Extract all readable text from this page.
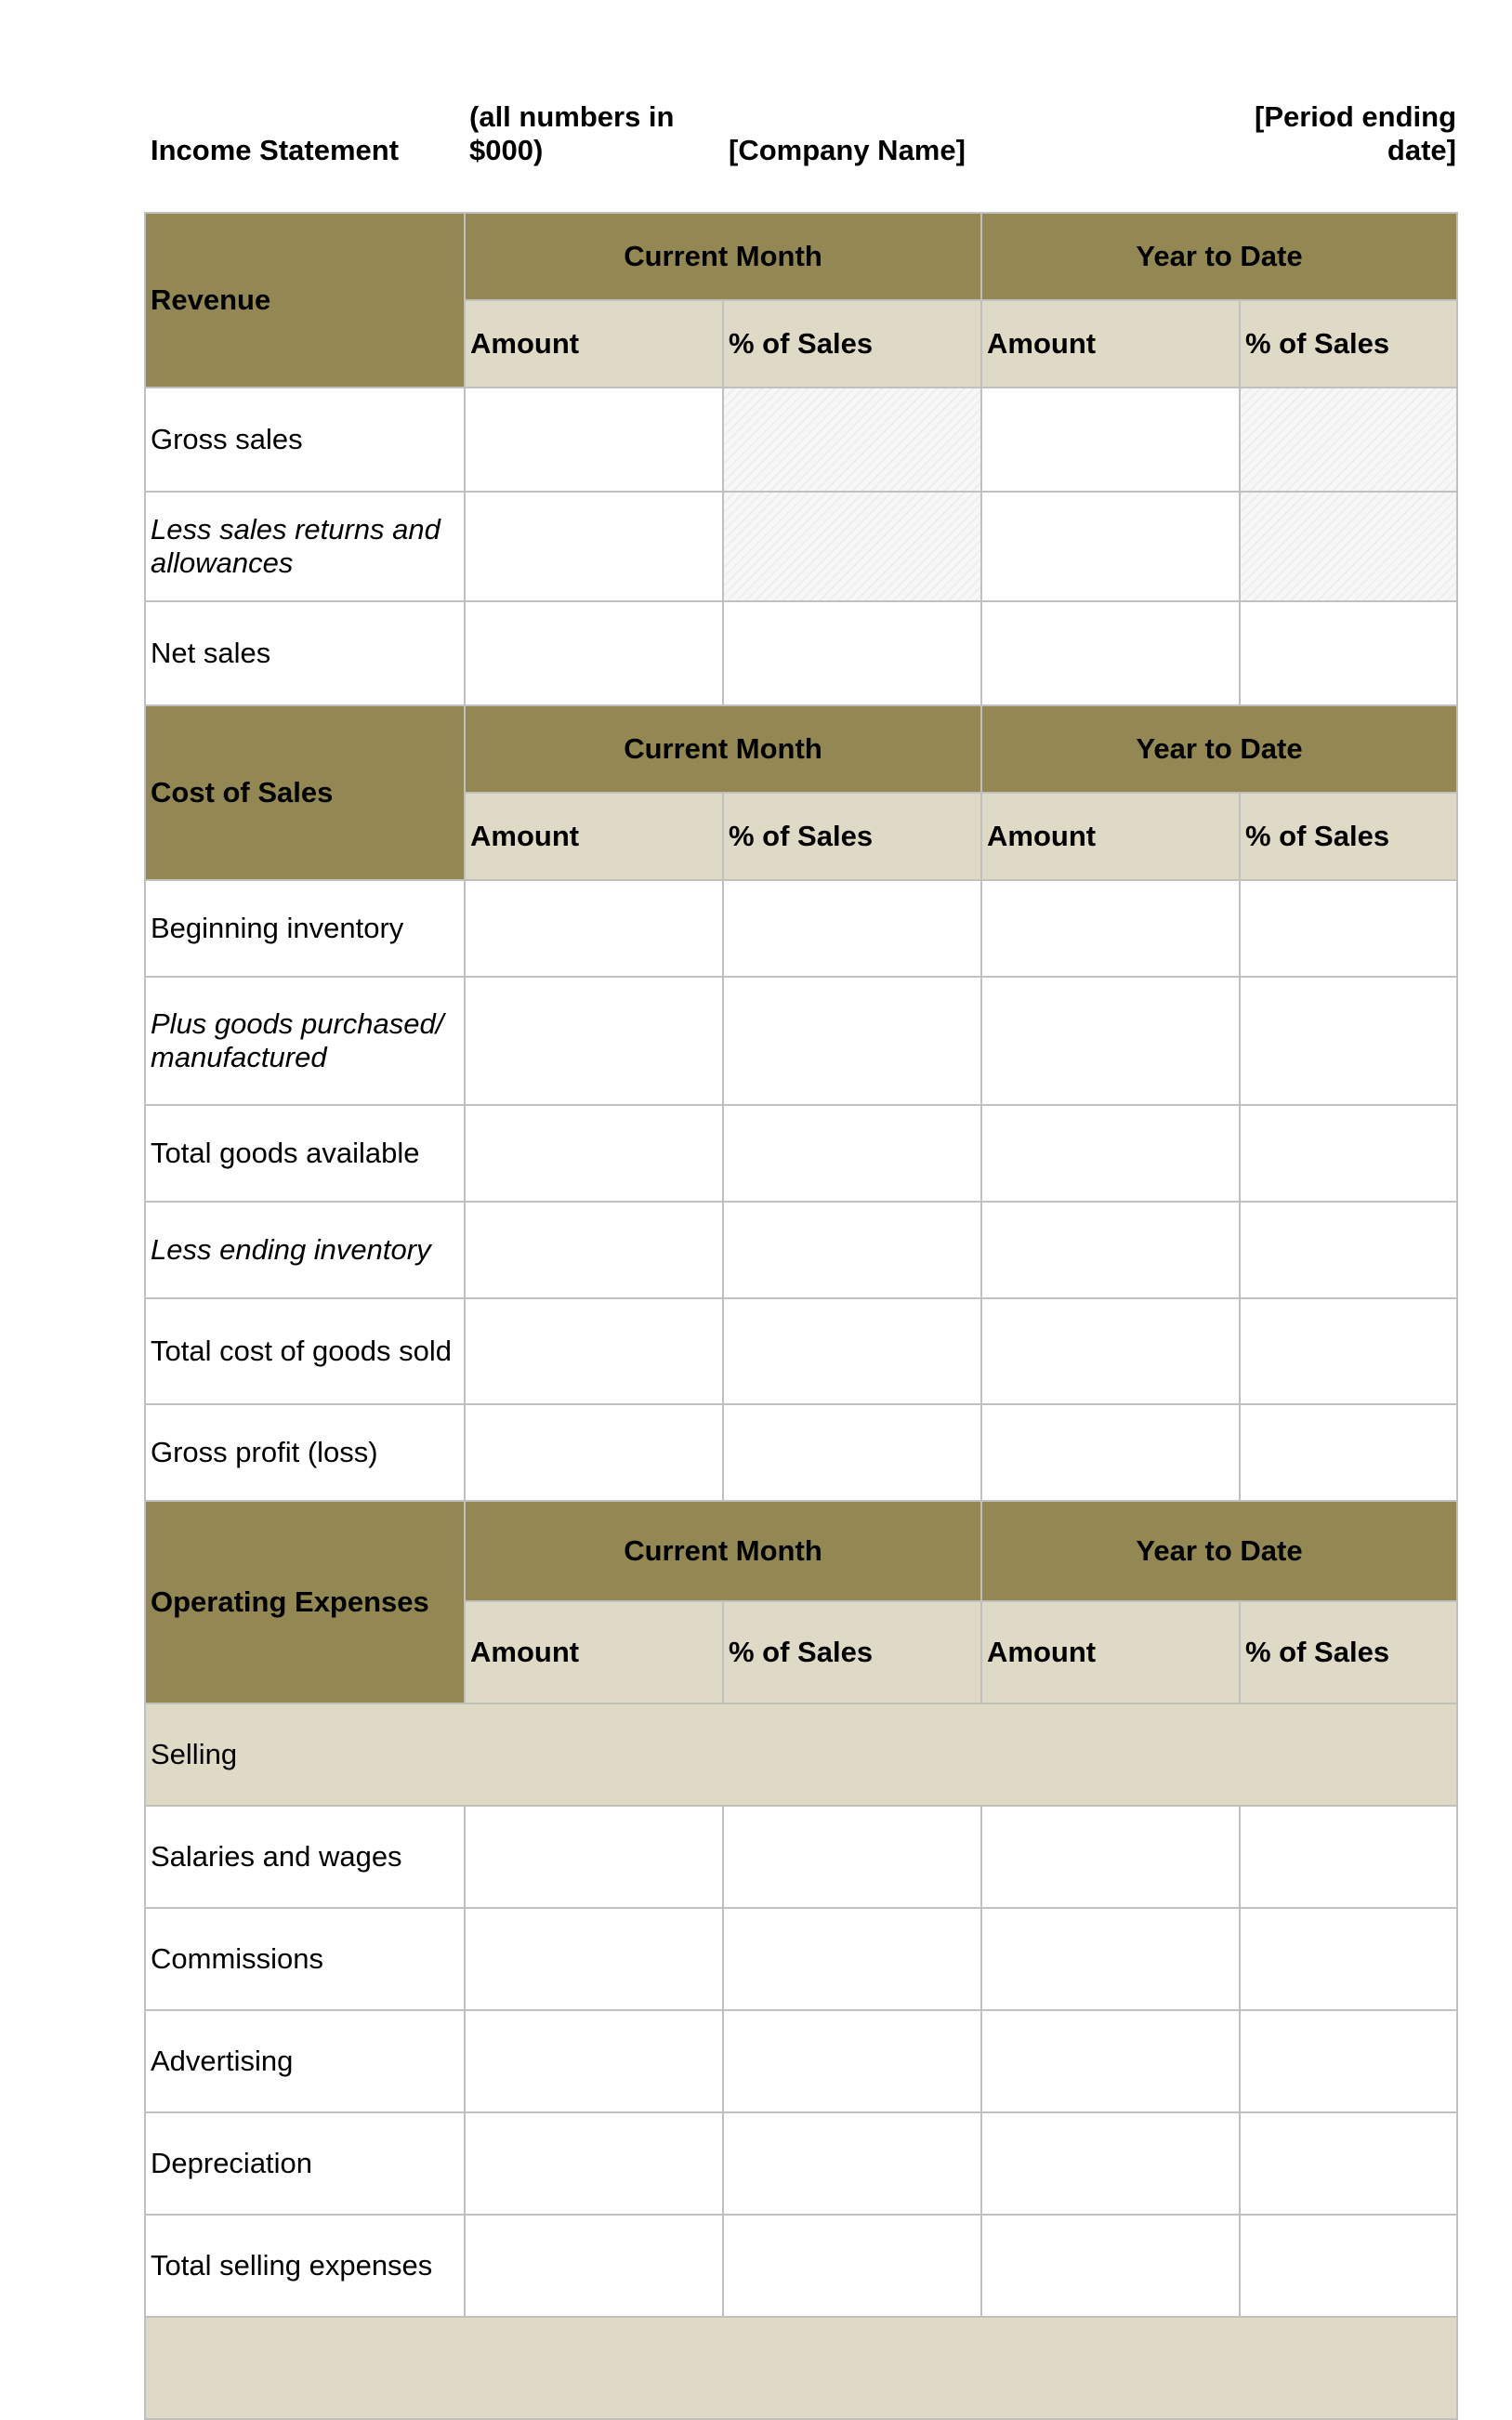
Income Statement
(all numbers in $000)	[Company Name]
[Period ending date]
Revenue	Current Month		Year to Date	
	Amount	% of Sales	Amount	% of Sales
Gross sales				
Less sales returns and allowances				
Net sales				
Cost of Sales	Current Month		Year to Date	
	Amount	% of Sales	Amount	% of Sales
Beginning inventory				
Plus goods purchased/manufactured				
Total goods available				
Less ending inventory				
Total cost of goods sold				
Gross profit (loss)				
Operating Expenses	Current Month		Year to Date	
	Amount	% of Sales	Amount	% of Sales
Selling				
Salaries and wages				
Commissions				
Advertising				
Depreciation				
Total selling expenses				
